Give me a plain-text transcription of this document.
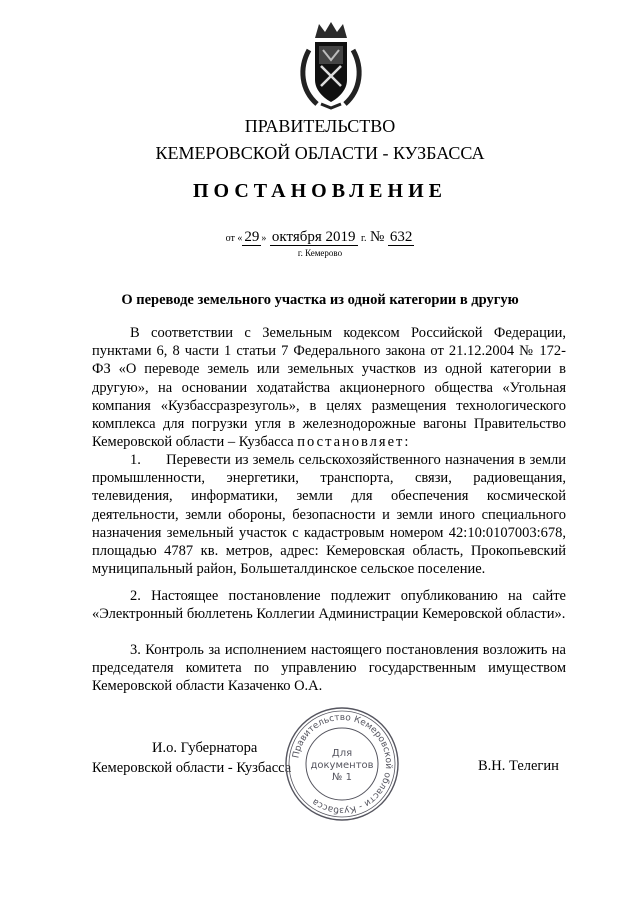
ПРАВИТЕЛЬСТВО
КЕМЕРОВСКОЙ ОБЛАСТИ - КУЗБАССА
ПОСТАНОВЛЕНИЕ
от « 29 » октября 2019 г. № 632
г. Кемерово
О переводе земельного участка из одной категории в другую
В соответствии с Земельным кодексом Российской Федерации, пунктами 6, 8 части 1 статьи 7 Федерального закона от 21.12.2004 № 172-ФЗ «О переводе земель или земельных участков из одной категории в другую», на основании ходатайства акционерного общества «Угольная компания «Кузбассразрезуголь», в целях размещения технологического комплекса для погрузки угля в железнодорожные вагоны Правительство Кемеровской области – Кузбасса постановляет:
1. Перевести из земель сельскохозяйственного назначения в земли промышленности, энергетики, транспорта, связи, радиовещания, телевидения, информатики, земли для обеспечения космической деятельности, земли обороны, безопасности и земли иного специального назначения земельный участок с кадастровым номером 42:10:0107003:678, площадью 4787 кв. метров, адрес: Кемеровская область, Прокопьевский муниципальный район, Большеталдинское сельское поселение.
2. Настоящее постановление подлежит опубликованию на сайте «Электронный бюллетень Коллегии Администрации Кемеровской области».
3. Контроль за исполнением настоящего постановления возложить на председателя комитета по управлению государственным имуществом Кемеровской области Казаченко О.А.
И.о. Губернатора
Кемеровской области - Кузбасса	В.Н. Телегин
Правительство Кемеровской области - Кузбасса
Для
документов
№ 1
